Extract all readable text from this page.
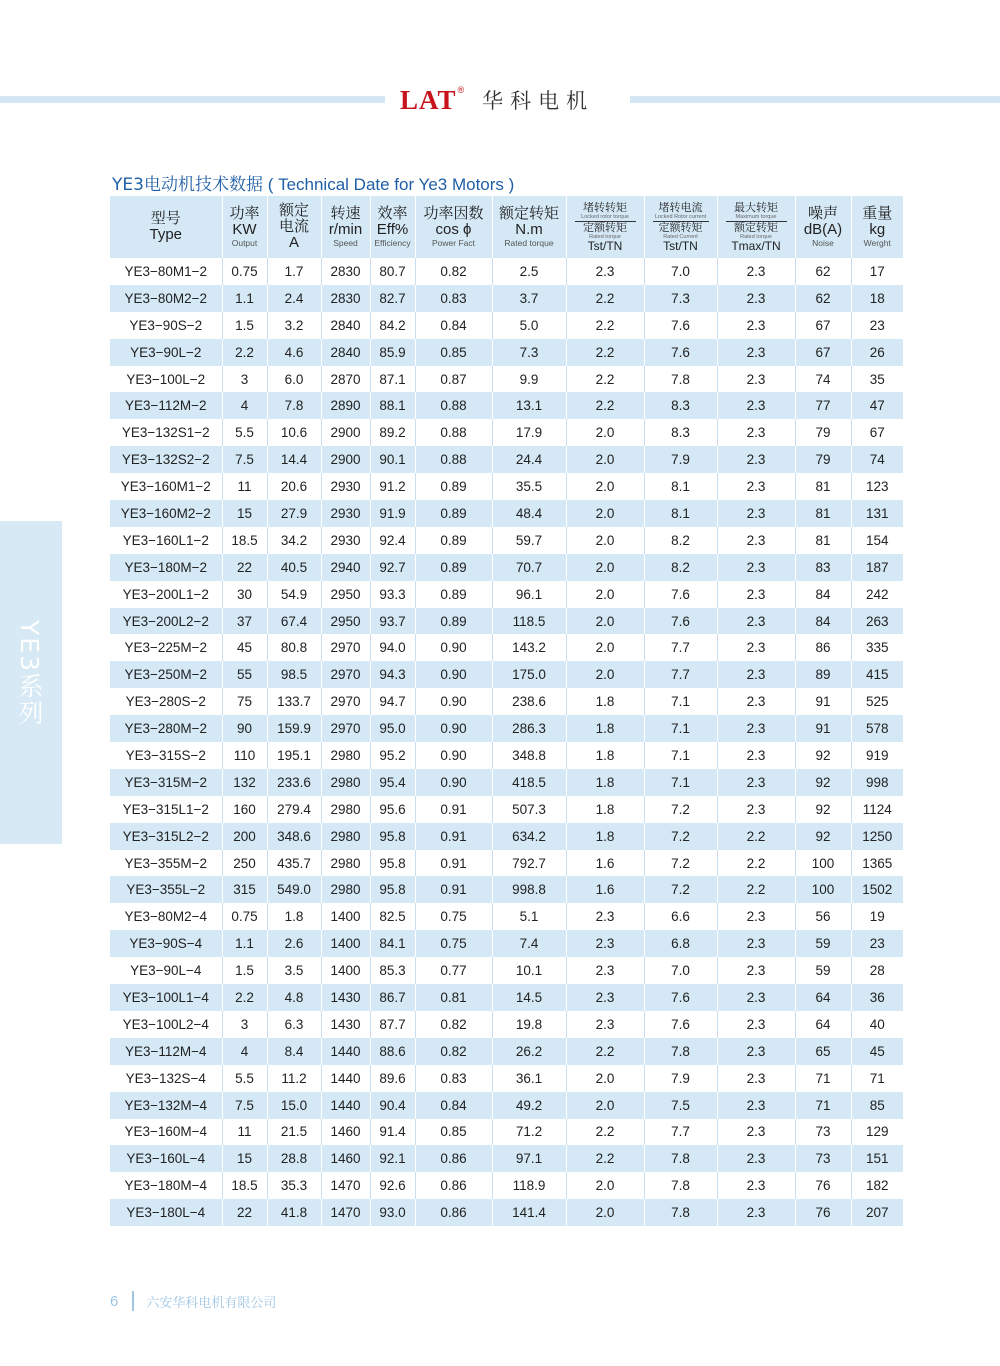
LAT ® 华科电机
YE3系列
YE3电动机技术数据 ( Technical Date for Ye3 Motors )
型号
Type	功率
KW
Output	额定
电流
A	转速
r/min
Speed	效率
Eff%
Efficiency	功率因数
cos ϕ
Power Fact	额定转矩
N.m
Rated torque	堵转转矩
Locked rotor torque
定额转矩
Rated torque
Tst/TN	堵转电流
Locked Rotor current
定额转矩
Rated Current
Tst/TN	最大转矩
Maximum torque
额定转矩
Rated torque
Tmax/TN	噪声
dB(A)
Noise	重量
kg
Werght

YE3−80M1−2	0.75	1.7	2830	80.7	0.82	2.5	2.3	7.0	2.3	62	17
YE3−80M2−2	1.1	2.4	2830	82.7	0.83	3.7	2.2	7.3	2.3	62	18
YE3−90S−2	1.5	3.2	2840	84.2	0.84	5.0	2.2	7.6	2.3	67	23
YE3−90L−2	2.2	4.6	2840	85.9	0.85	7.3	2.2	7.6	2.3	67	26
YE3−100L−2	3	6.0	2870	87.1	0.87	9.9	2.2	7.8	2.3	74	35
YE3−112M−2	4	7.8	2890	88.1	0.88	13.1	2.2	8.3	2.3	77	47
YE3−132S1−2	5.5	10.6	2900	89.2	0.88	17.9	2.0	8.3	2.3	79	67
YE3−132S2−2	7.5	14.4	2900	90.1	0.88	24.4	2.0	7.9	2.3	79	74
YE3−160M1−2	11	20.6	2930	91.2	0.89	35.5	2.0	8.1	2.3	81	123
YE3−160M2−2	15	27.9	2930	91.9	0.89	48.4	2.0	8.1	2.3	81	131
YE3−160L1−2	18.5	34.2	2930	92.4	0.89	59.7	2.0	8.2	2.3	81	154
YE3−180M−2	22	40.5	2940	92.7	0.89	70.7	2.0	8.2	2.3	83	187
YE3−200L1−2	30	54.9	2950	93.3	0.89	96.1	2.0	7.6	2.3	84	242
YE3−200L2−2	37	67.4	2950	93.7	0.89	118.5	2.0	7.6	2.3	84	263
YE3−225M−2	45	80.8	2970	94.0	0.90	143.2	2.0	7.7	2.3	86	335
YE3−250M−2	55	98.5	2970	94.3	0.90	175.0	2.0	7.7	2.3	89	415
YE3−280S−2	75	133.7	2970	94.7	0.90	238.6	1.8	7.1	2.3	91	525
YE3−280M−2	90	159.9	2970	95.0	0.90	286.3	1.8	7.1	2.3	91	578
YE3−315S−2	110	195.1	2980	95.2	0.90	348.8	1.8	7.1	2.3	92	919
YE3−315M−2	132	233.6	2980	95.4	0.90	418.5	1.8	7.1	2.3	92	998
YE3−315L1−2	160	279.4	2980	95.6	0.91	507.3	1.8	7.2	2.3	92	1124
YE3−315L2−2	200	348.6	2980	95.8	0.91	634.2	1.8	7.2	2.2	92	1250
YE3−355M−2	250	435.7	2980	95.8	0.91	792.7	1.6	7.2	2.2	100	1365
YE3−355L−2	315	549.0	2980	95.8	0.91	998.8	1.6	7.2	2.2	100	1502
YE3−80M2−4	0.75	1.8	1400	82.5	0.75	5.1	2.3	6.6	2.3	56	19
YE3−90S−4	1.1	2.6	1400	84.1	0.75	7.4	2.3	6.8	2.3	59	23
YE3−90L−4	1.5	3.5	1400	85.3	0.77	10.1	2.3	7.0	2.3	59	28
YE3−100L1−4	2.2	4.8	1430	86.7	0.81	14.5	2.3	7.6	2.3	64	36
YE3−100L2−4	3	6.3	1430	87.7	0.82	19.8	2.3	7.6	2.3	64	40
YE3−112M−4	4	8.4	1440	88.6	0.82	26.2	2.2	7.8	2.3	65	45
YE3−132S−4	5.5	11.2	1440	89.6	0.83	36.1	2.0	7.9	2.3	71	71
YE3−132M−4	7.5	15.0	1440	90.4	0.84	49.2	2.0	7.5	2.3	71	85
YE3−160M−4	11	21.5	1460	91.4	0.85	71.2	2.2	7.7	2.3	73	129
YE3−160L−4	15	28.8	1460	92.1	0.86	97.1	2.2	7.8	2.3	73	151
YE3−180M−4	18.5	35.3	1470	92.6	0.86	118.9	2.0	7.8	2.3	76	182
YE3−180L−4	22	41.8	1470	93.0	0.86	141.4	2.0	7.8	2.3	76	207
6 六安华科电机有限公司
